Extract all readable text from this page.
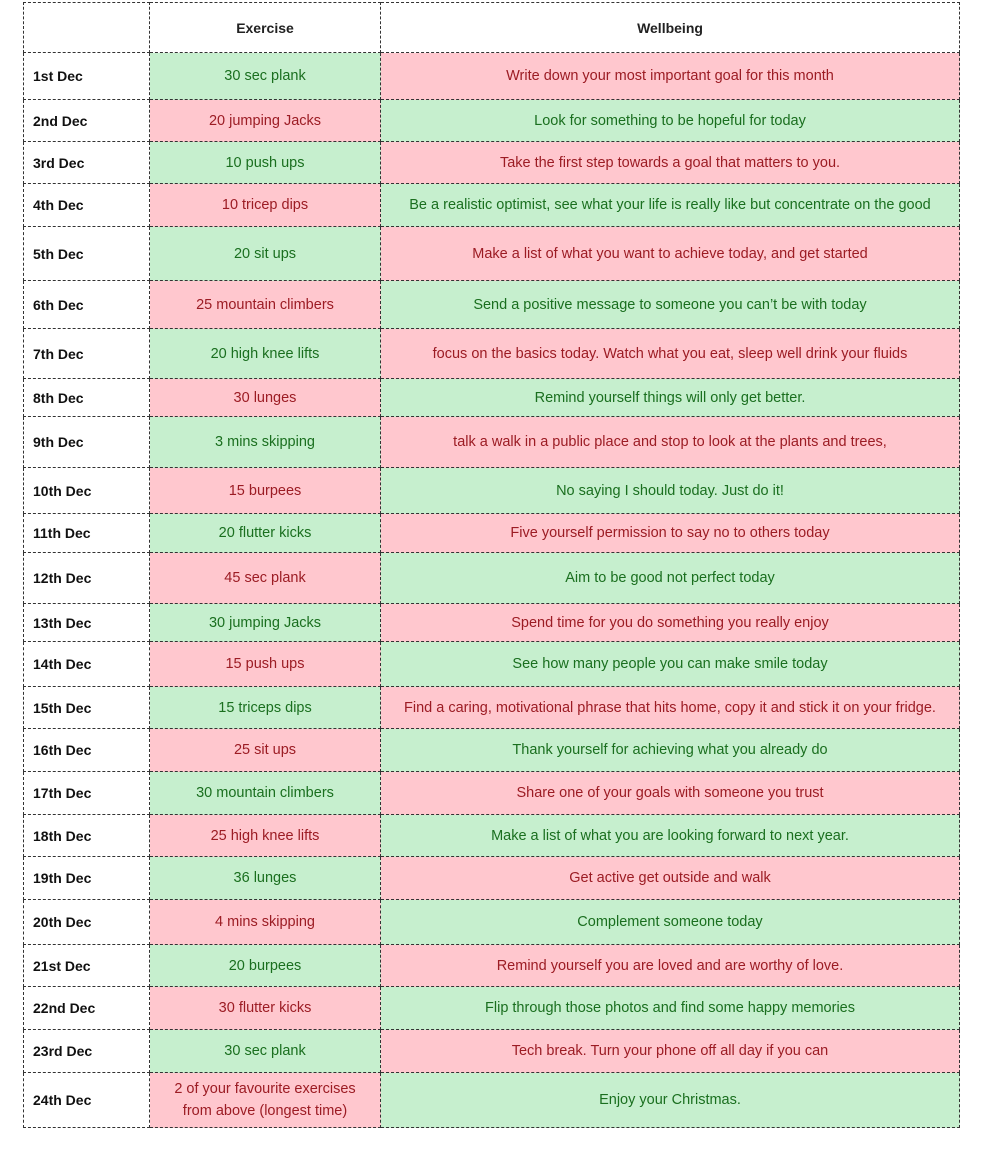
	Exercise	Wellbeing
1st Dec	30 sec plank	Write down your most important goal for this month
2nd Dec	20 jumping Jacks	Look for something to be hopeful for today
3rd Dec	10 push ups	Take the first step towards a goal that matters to you.
4th Dec	10 tricep dips	Be a realistic optimist, see what your life is really like but concentrate on the good
5th Dec	20 sit ups	Make a list of what you want to achieve today, and get started
6th Dec	25 mountain climbers	Send a positive message to someone you can’t be with today
7th Dec	20 high knee lifts	focus on the basics today. Watch what you eat, sleep well drink your fluids
8th Dec	30 lunges	Remind yourself things will only get better.
9th Dec	3 mins skipping	talk a walk in a public place and stop to look at the plants and trees,
10th Dec	15 burpees	No saying I should today. Just do it!
11th Dec	20 flutter kicks	Five yourself permission to say no to others today
12th Dec	45 sec plank	Aim to be good not perfect today
13th Dec	30 jumping Jacks	Spend time for you do something you really enjoy
14th Dec	15 push ups	See how many people you can make smile today
15th Dec	15 triceps dips	Find a caring, motivational phrase that hits home, copy it and stick it on your fridge.
16th Dec	25 sit ups	Thank yourself for achieving what you already do
17th Dec	30 mountain climbers	Share one of your goals with someone you trust
18th Dec	25 high knee lifts	Make a list of what you are looking forward to next year.
19th Dec	36 lunges	Get active get outside and walk
20th Dec	4 mins skipping	Complement someone today
21st Dec	20 burpees	Remind yourself you are loved and are worthy of love.
22nd Dec	30 flutter kicks	Flip through those photos and find some happy memories
23rd Dec	30 sec plank	Tech break. Turn your phone off all day if you can
24th Dec	2 of your favourite exercises from above (longest time)	Enjoy your Christmas.
